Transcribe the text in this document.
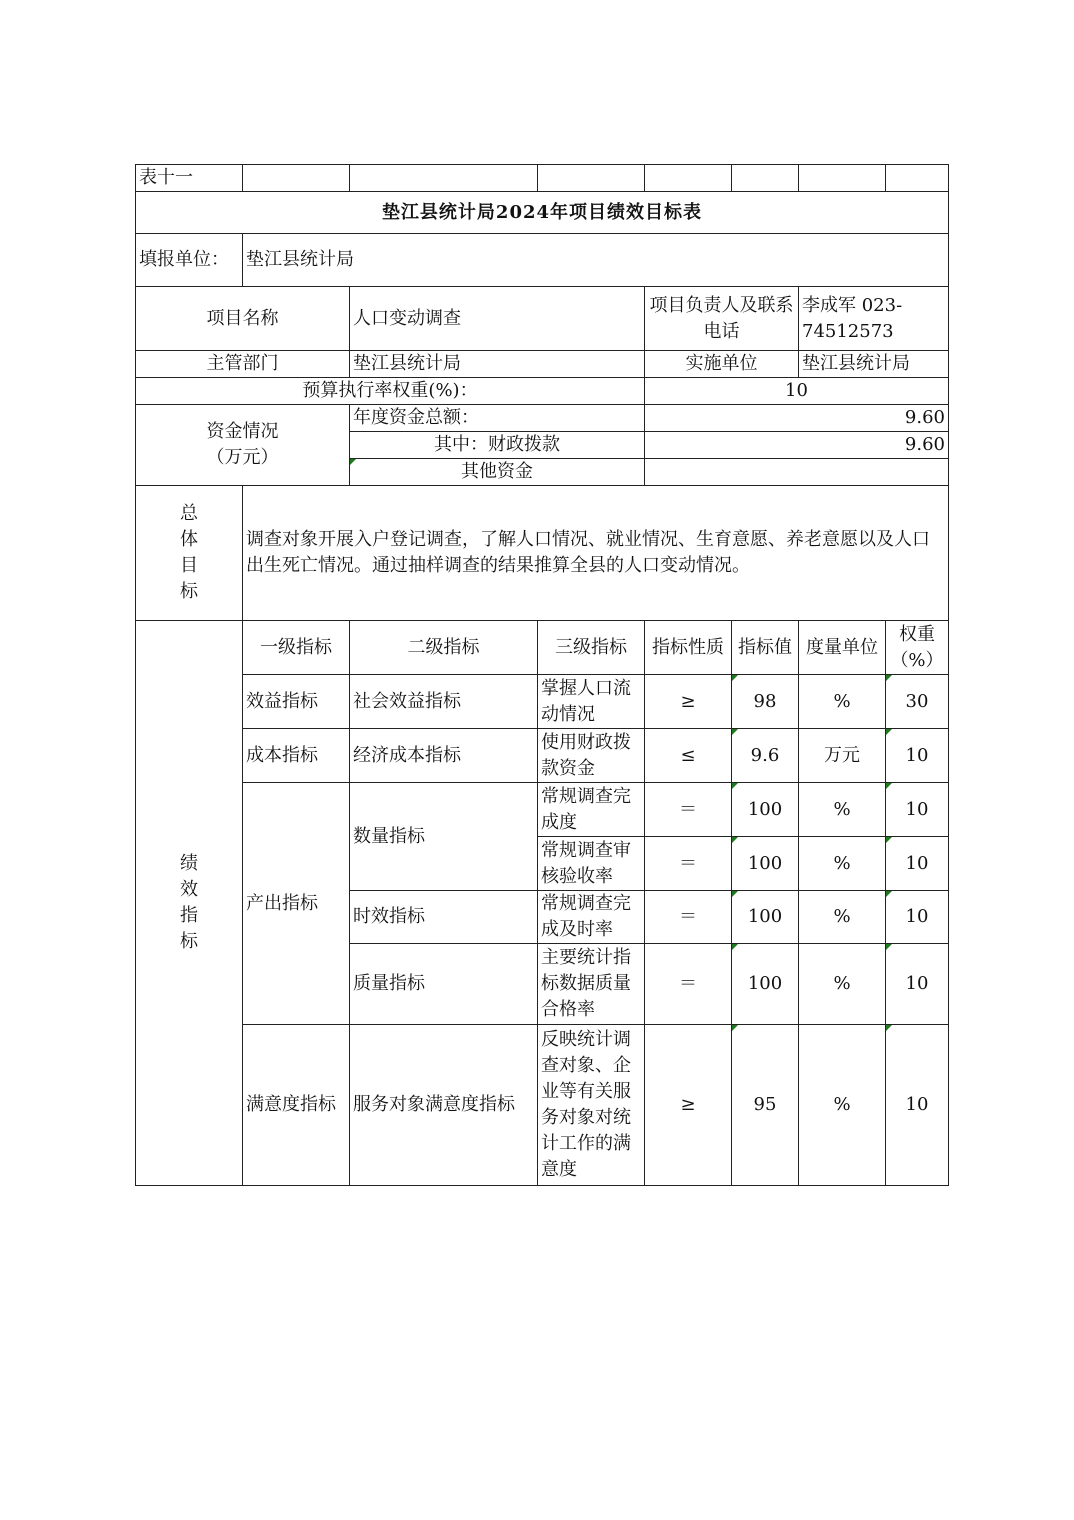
表十一							
垫江县统计局2024年项目绩效目标表							
填报单位：	垫江县统计局						
项目名称		人口变动调查		项目负责人及联系电话		李成军 023-74512573	
主管部门		垫江县统计局		实施单位		垫江县统计局	
预算执行率权重(%)：				10			

资金情况
（万元）		年度资金总额：		9.60			
		其中：财政拨款		9.60			
		其他资金					

总
体
目
标	调查对象开展入户登记调查，了解人口情况、就业情况、生育意愿、养老意愿以及人口出生死亡情况。通过抽样调查的结果推算全县的人口变动情况。						

绩
效
指
标	一级指标	二级指标	三级指标	指标性质	指标值	度量单位	权重（%）
	效益指标	社会效益指标	掌握人口流动情况	≥	98	%	30
	成本指标	经济成本指标	使用财政拨款资金	≤	9.6	万元	10
	产出指标	数量指标	常规调查完成度	＝	100	%	10
			常规调查审核验收率	＝	100	%	10
		时效指标	常规调查完成及时率	＝	100	%	10
		质量指标	主要统计指标数据质量合格率	＝	100	%	10
	满意度指标	服务对象满意度指标	反映统计调查对象、企业等有关服务对象对统计工作的满意度	≥	95	%	10
